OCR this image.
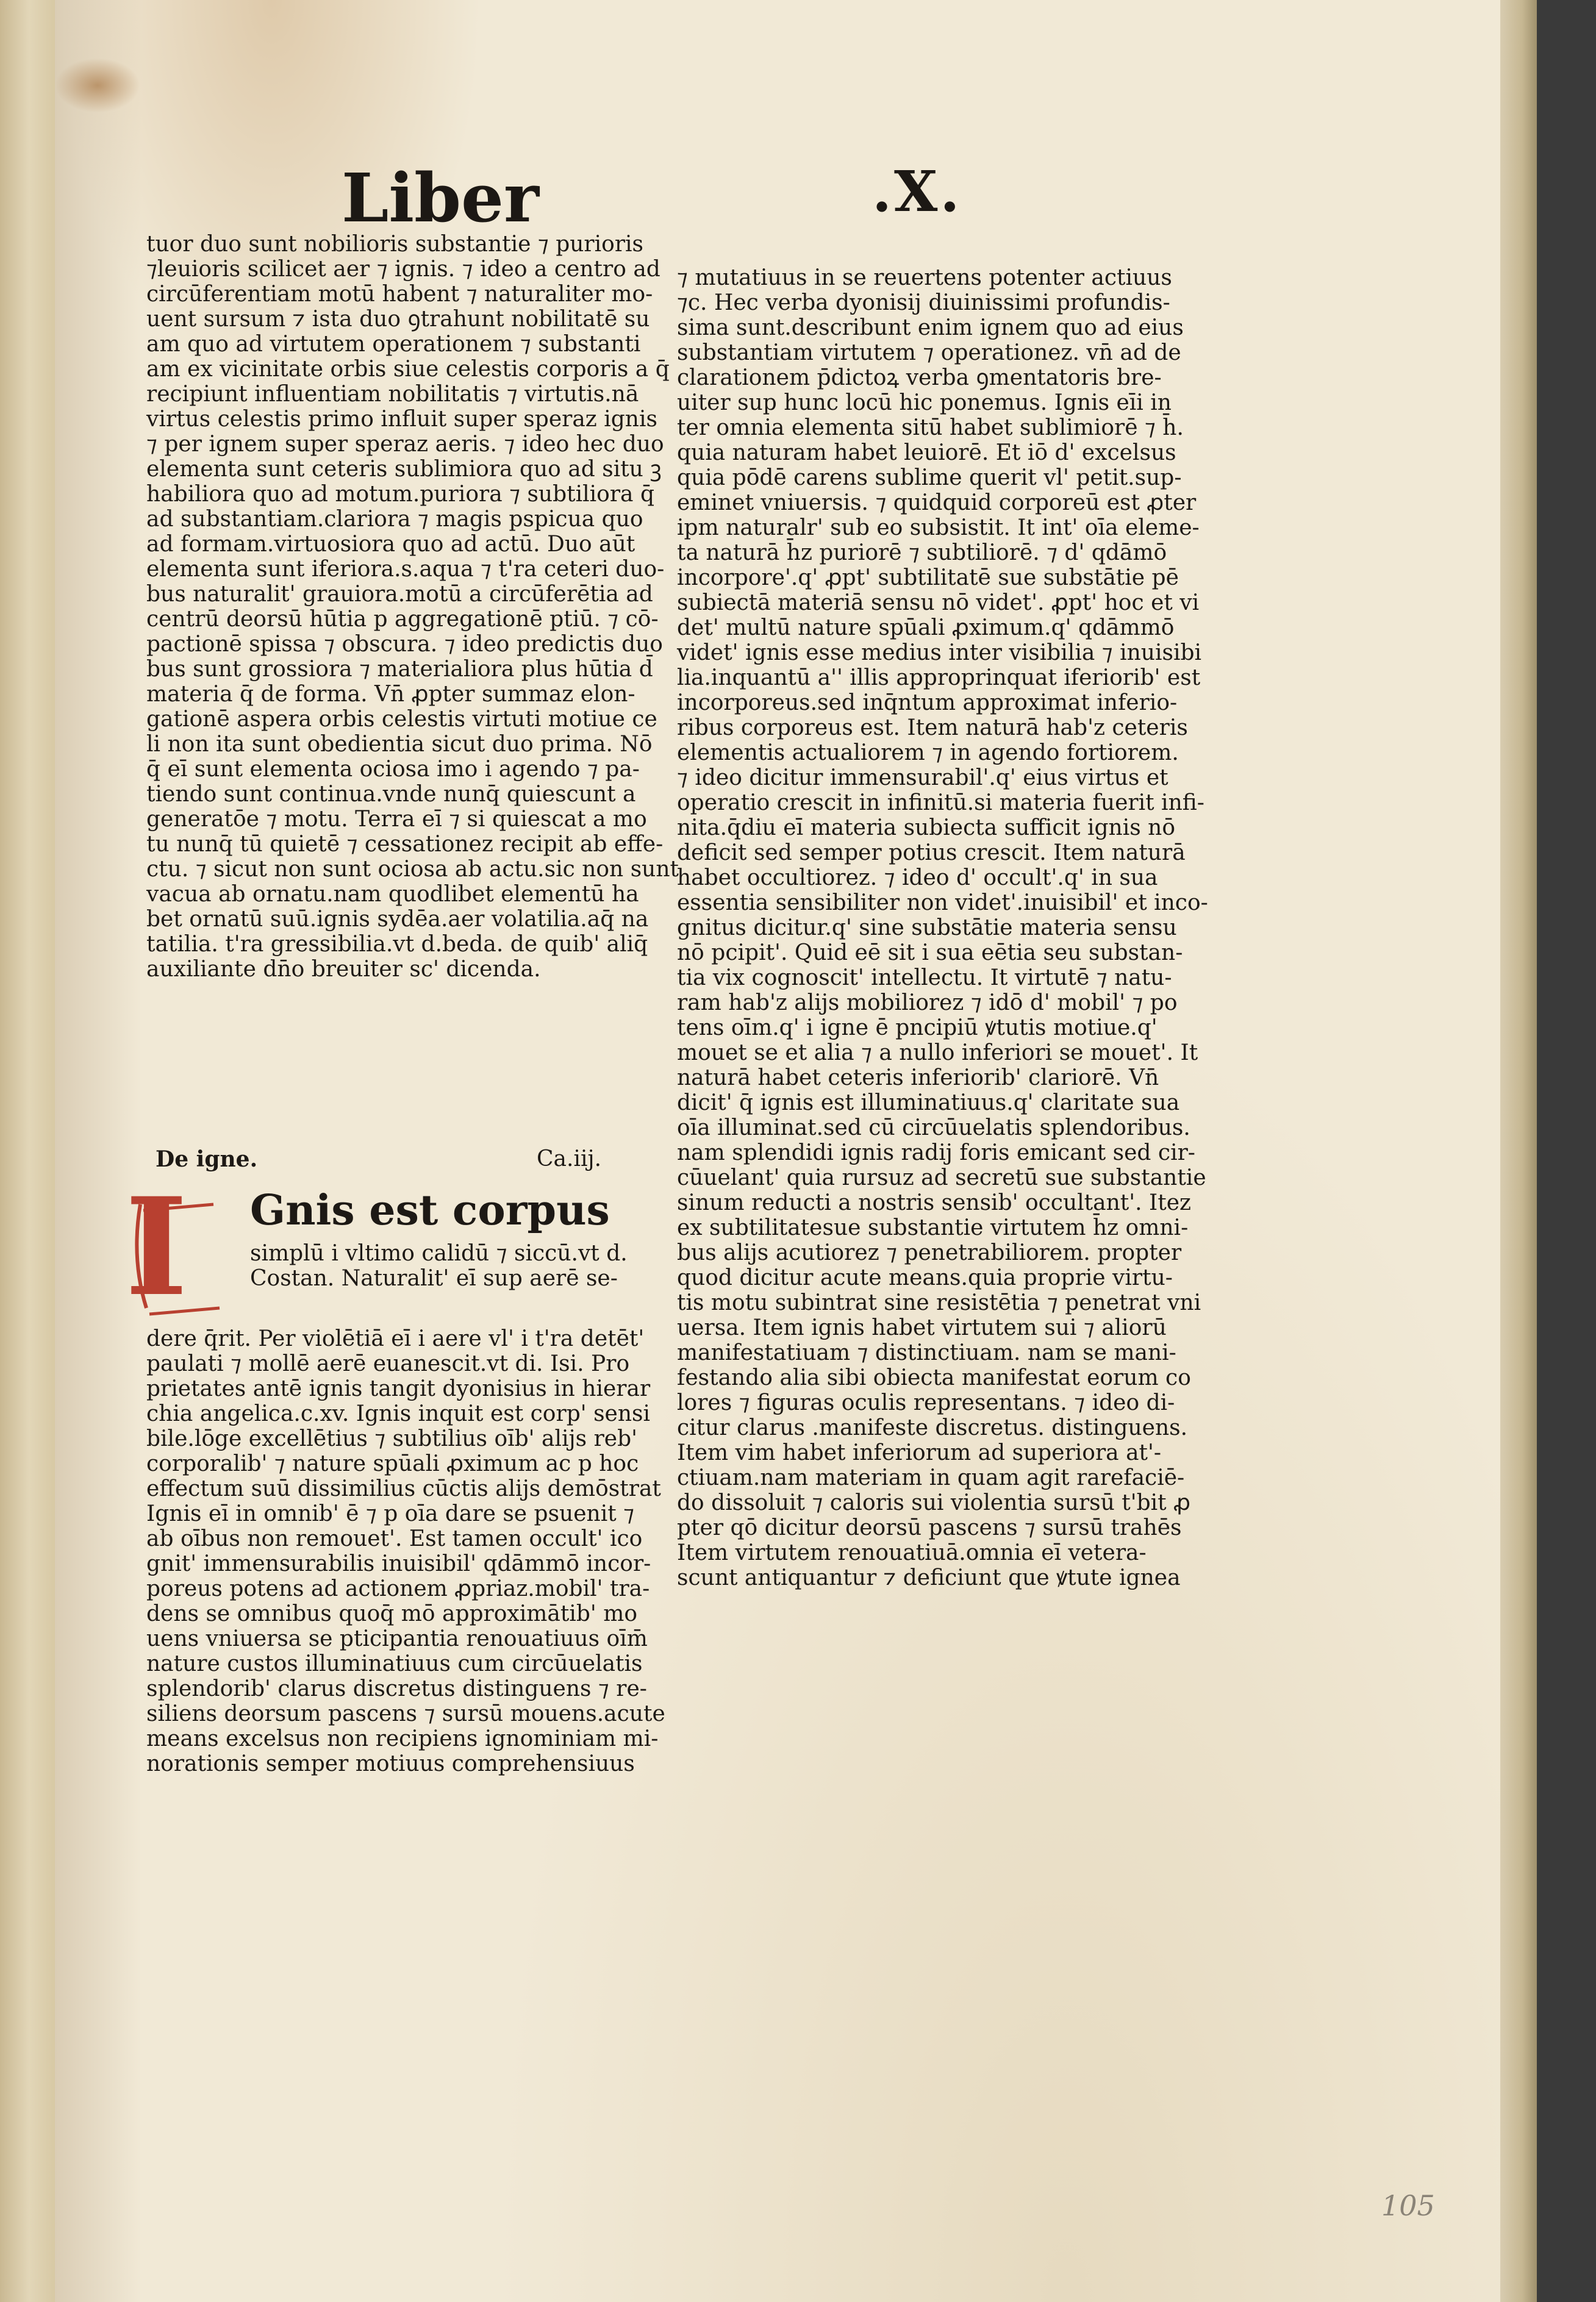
Liber	.X.
tuor duo sunt nobilioris substantie ⁊ purioris
⁊leuioris scilicet aer ⁊ ignis. ⁊ ideo a centro ad
circūferentiam motū habent ⁊ naturaliter mo-
uent sursum ⁊ ista duo ꝯtrahunt nobilitatē su
am quo ad virtutem operationem ⁊ substanti
am ex vicinitate orbis siue celestis corporis a q̄
recipiunt influentiam nobilitatis ⁊ virtutis.nā
virtus celestis primo influit super speraz ignis
⁊ per ignem super speraz aeris. ⁊ ideo hec duo
elementa sunt ceteris sublimiora quo ad situ ꝫ
habiliora quo ad motum.puriora ⁊ subtiliora q̄
ad substantiam.clariora ⁊ magis pspicua quo
ad formam.virtuosiora quo ad actū. Duo aūt
elementa sunt iferiora.s.aqua ⁊ t'ra ceteri duo-
bus naturalit' grauiora.motū a circūferētia ad
centrū deorsū hūtia p aggregationē ptiū. ⁊ cō-
pactionē spissa ⁊ obscura. ⁊ ideo predictis duo
bus sunt grossiora ⁊ materialiora plus hūtia d̄
materia q̄ de forma. Vn̄ ꝓpter summaz elon-
gationē aspera orbis celestis virtuti motiue ce
li non ita sunt obedientia sicut duo prima. Nō
q̄ eī sunt elementa ociosa imo i agendo ⁊ pa-
tiendo sunt continua.vnde nunq̄ quiescunt a
generatōe ⁊ motu. Terra eī ⁊ si quiescat a mo
tu nunq̄ tū quietē ⁊ cessationez recipit ab effe-
ctu. ⁊ sicut non sunt ociosa ab actu.sic non sunt
vacua ab ornatu.nam quodlibet elementū ha
bet ornatū suū.ignis sydēa.aer volatilia.aq̄ na
tatilia. t'ra gressibilia.vt d.beda. de quib' aliq̄
auxiliante dn̄o breuiter sc' dicenda.
De igne.	Ca.iij.
I	Gnis est corpus
simplū i vltimo calidū ⁊ siccū.vt d.
Costan. Naturalit' eī sup aerē se-
dere q̄rit. Per violētiā eī i aere vl' i t'ra detēt'
paulati ⁊ mollē aerē euanescit.vt di. Isi. Pro
prietates antē ignis tangit dyonisius in hierar
chia angelica.c.xv. Ignis inquit est corp' sensi
bile.lōge excellētius ⁊ subtilius oīb' alijs reb'
corporalib' ⁊ nature spūali ꝓximum ac p hoc
effectum suū dissimilius cūctis alijs demōstrat
Ignis eī in omnib' ē ⁊ p oīa dare se psuenit ⁊
ab oībus non remouet'. Est tamen occult' ico
gnit' immensurabilis inuisibil' qdāmmō incor-
poreus potens ad actionem ꝓpriaz.mobil' tra-
dens se omnibus quoq̄ mō approximātib' mo
uens vniuersa se pticipantia renouatiuus oīm̄
nature custos illuminatiuus cum circūuelatis
splendorib' clarus discretus distinguens ⁊ re-
siliens deorsum pascens ⁊ sursū mouens.acute
means excelsus non recipiens ignominiam mi-
norationis semper motiuus comprehensiuus
⁊ mutatiuus in se reuertens potenter actiuus
⁊c. Hec verba dyonisij diuinissimi profundis-
sima sunt.describunt enim ignem quo ad eius
substantiam virtutem ⁊ operationez. vn̄ ad de
clarationem p̄dictoꝝ verba ꝯmentatoris bre-
uiter sup hunc locū hic ponemus. Ignis eīi in
ter omnia elementa sitū habet sublimiorē ⁊ h̄.
quia naturam habet leuiorē. Et iō d' excelsus
quia pōdē carens sublime querit vl' petit.sup-
eminet vniuersis. ⁊ quidquid corporeū est ꝓter
ipm naturalr' sub eo subsistit. It int' oīa eleme-
ta naturā h̄z puriorē ⁊ subtiliorē. ⁊ d' qdāmō
incorpore'.q' ꝓpt' subtilitatē sue substātie pē
subiectā materiā sensu nō videt'. ꝓpt' hoc et vi
det' multū nature spūali ꝓximum.q' qdāmmō
videt' ignis esse medius inter visibilia ⁊ inuisibi
lia.inquantū a'' illis approprinquat iferiorib' est
incorporeus.sed inq̄ntum approximat inferio-
ribus corporeus est. Item naturā hab'z ceteris
elementis actualiorem ⁊ in agendo fortiorem.
⁊ ideo dicitur immensurabil'.q' eius virtus et
operatio crescit in infinitū.si materia fuerit infi-
nita.q̄diu eī materia subiecta sufficit ignis nō
deficit sed semper potius crescit. Item naturā
habet occultiorez. ⁊ ideo d' occult'.q' in sua
essentia sensibiliter non videt'.inuisibil' et inco-
gnitus dicitur.q' sine substātie materia sensu
nō pcipit'. Quid eē sit i sua eētia seu substan-
tia vix cognoscit' intellectu. It virtutē ⁊ natu-
ram hab'z alijs mobiliorez ⁊ idō d' mobil' ⁊ po
tens oīm.q' i igne ē pncipiū ꝟtutis motiue.q'
mouet se et alia ⁊ a nullo inferiori se mouet'. It
naturā habet ceteris inferiorib' clariorē. Vn̄
dicit' q̄ ignis est illuminatiuus.q' claritate sua
oīa illuminat.sed cū circūuelatis splendoribus.
nam splendidi ignis radij foris emicant sed cir-
cūuelant' quia rursuz ad secretū sue substantie
sinum reducti a nostris sensib' occultant'. Itez
ex subtilitatesue substantie virtutem h̄z omni-
bus alijs acutiorez ⁊ penetrabiliorem. propter
quod dicitur acute means.quia proprie virtu-
tis motu subintrat sine resistētia ⁊ penetrat vni
uersa. Item ignis habet virtutem sui ⁊ aliorū
manifestatiuam ⁊ distinctiuam. nam se mani-
festando alia sibi obiecta manifestat eorum co
lores ⁊ figuras oculis representans. ⁊ ideo di-
citur clarus .manifeste discretus. distinguens.
Item vim habet inferiorum ad superiora at'-
ctiuam.nam materiam in quam agit rarefaciē-
do dissoluit ⁊ caloris sui violentia sursū t'bit ꝓ
pter qō dicitur deorsū pascens ⁊ sursū trahēs
Item virtutem renouatiuā.omnia eī vetera-
scunt antiquantur ⁊ deficiunt que ꝟtute ignea
105
